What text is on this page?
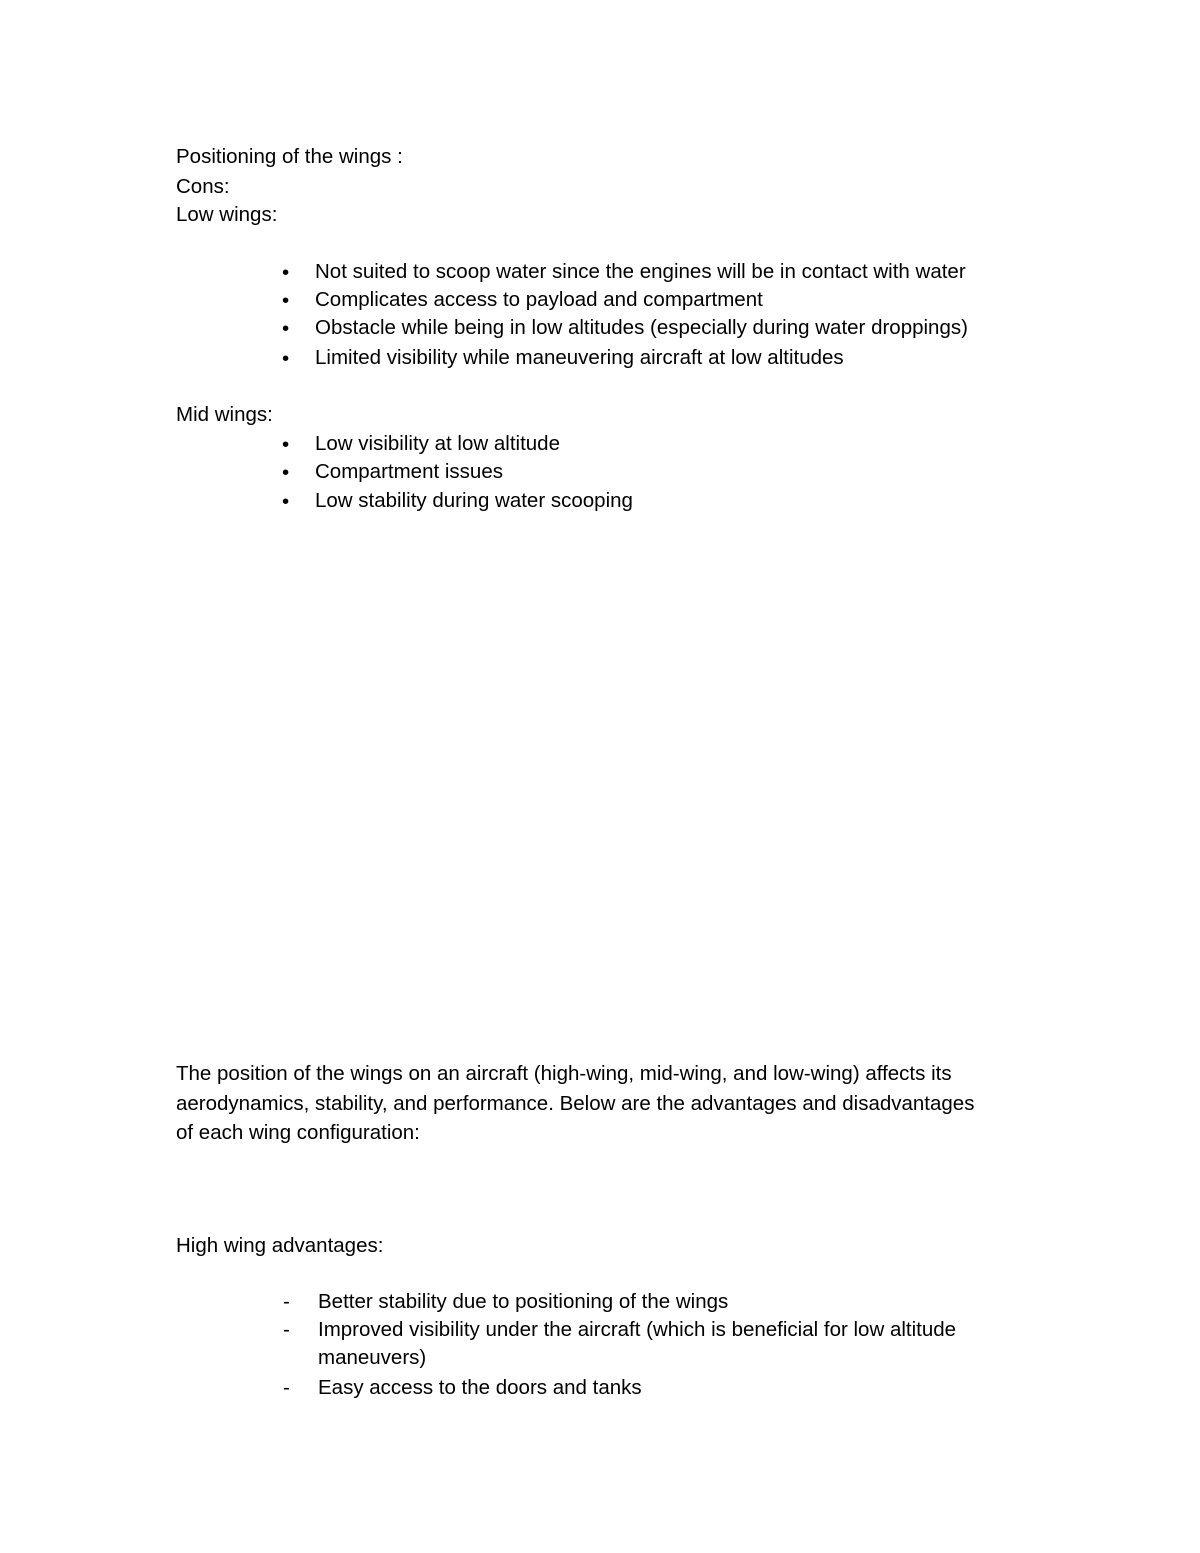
Positioning of the wings :
Cons:
Low wings:
• Not suited to scoop water since the engines will be in contact with water
• Complicates access to payload and compartment
• Obstacle while being in low altitudes (especially during water droppings)
• Limited visibility while maneuvering aircraft at low altitudes
Mid wings:
• Low visibility at low altitude
• Compartment issues
• Low stability during water scooping
The position of the wings on an aircraft (high-wing, mid-wing, and low-wing) affects its
aerodynamics, stability, and performance. Below are the advantages and disadvantages
of each wing configuration:
High wing advantages:
- Better stability due to positioning of the wings
- Improved visibility under the aircraft (which is beneficial for low altitude
maneuvers)
- Easy access to the doors and tanks
